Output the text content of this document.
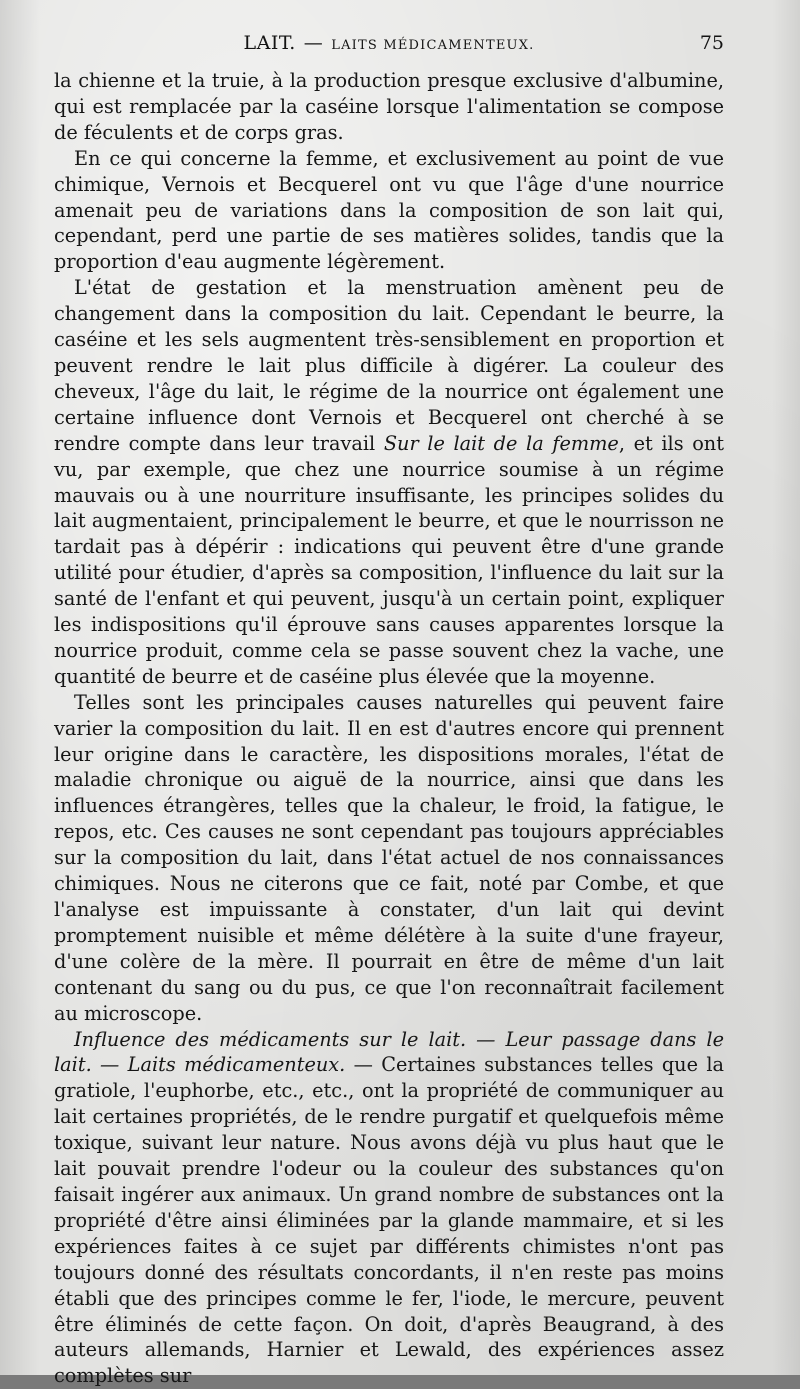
LAIT. — LAITS MÉDICAMENTEUX.	75

la chienne et la truie, à la production presque exclusive d'albumine, qui est remplacée par la caséine lorsque l'alimentation se compose de féculents et de corps gras.

En ce qui concerne la femme, et exclusivement au point de vue chimique, Vernois et Becquerel ont vu que l'âge d'une nourrice amenait peu de variations dans la composition de son lait qui, cependant, perd une partie de ses matières solides, tandis que la proportion d'eau augmente légèrement.

L'état de gestation et la menstruation amènent peu de changement dans la composition du lait. Cependant le beurre, la caséine et les sels augmentent très-sensiblement en proportion et peuvent rendre le lait plus difficile à digérer. La couleur des cheveux, l'âge du lait, le régime de la nourrice ont également une certaine influence dont Vernois et Becquerel ont cherché à se rendre compte dans leur travail Sur le lait de la femme, et ils ont vu, par exemple, que chez une nourrice soumise à un régime mauvais ou à une nourriture insuffisante, les principes solides du lait augmentaient, principalement le beurre, et que le nourrisson ne tardait pas à dépérir : indications qui peuvent être d'une grande utilité pour étudier, d'après sa composition, l'influence du lait sur la santé de l'enfant et qui peuvent, jusqu'à un certain point, expliquer les indispositions qu'il éprouve sans causes apparentes lorsque la nourrice produit, comme cela se passe souvent chez la vache, une quantité de beurre et de caséine plus élevée que la moyenne.

Telles sont les principales causes naturelles qui peuvent faire varier la composition du lait. Il en est d'autres encore qui prennent leur origine dans le caractère, les dispositions morales, l'état de maladie chronique ou aiguë de la nourrice, ainsi que dans les influences étrangères, telles que la chaleur, le froid, la fatigue, le repos, etc. Ces causes ne sont cependant pas toujours appréciables sur la composition du lait, dans l'état actuel de nos connaissances chimiques. Nous ne citerons que ce fait, noté par Combe, et que l'analyse est impuissante à constater, d'un lait qui devint promptement nuisible et même délétère à la suite d'une frayeur, d'une colère de la mère. Il pourrait en être de même d'un lait contenant du sang ou du pus, ce que l'on reconnaîtrait facilement au microscope.

Influence des médicaments sur le lait. — Leur passage dans le lait. — Laits médicamenteux. — Certaines substances telles que la gratiole, l'euphorbe, etc., etc., ont la propriété de communiquer au lait certaines propriétés, de le rendre purgatif et quelquefois même toxique, suivant leur nature. Nous avons déjà vu plus haut que le lait pouvait prendre l'odeur ou la couleur des substances qu'on faisait ingérer aux animaux. Un grand nombre de substances ont la propriété d'être ainsi éliminées par la glande mammaire, et si les expériences faites à ce sujet par différents chimistes n'ont pas toujours donné des résultats concordants, il n'en reste pas moins établi que des principes comme le fer, l'iode, le mercure, peuvent être éliminés de cette façon. On doit, d'après Beaugrand, à des auteurs allemands, Harnier et Lewald, des expériences assez complètes sur
